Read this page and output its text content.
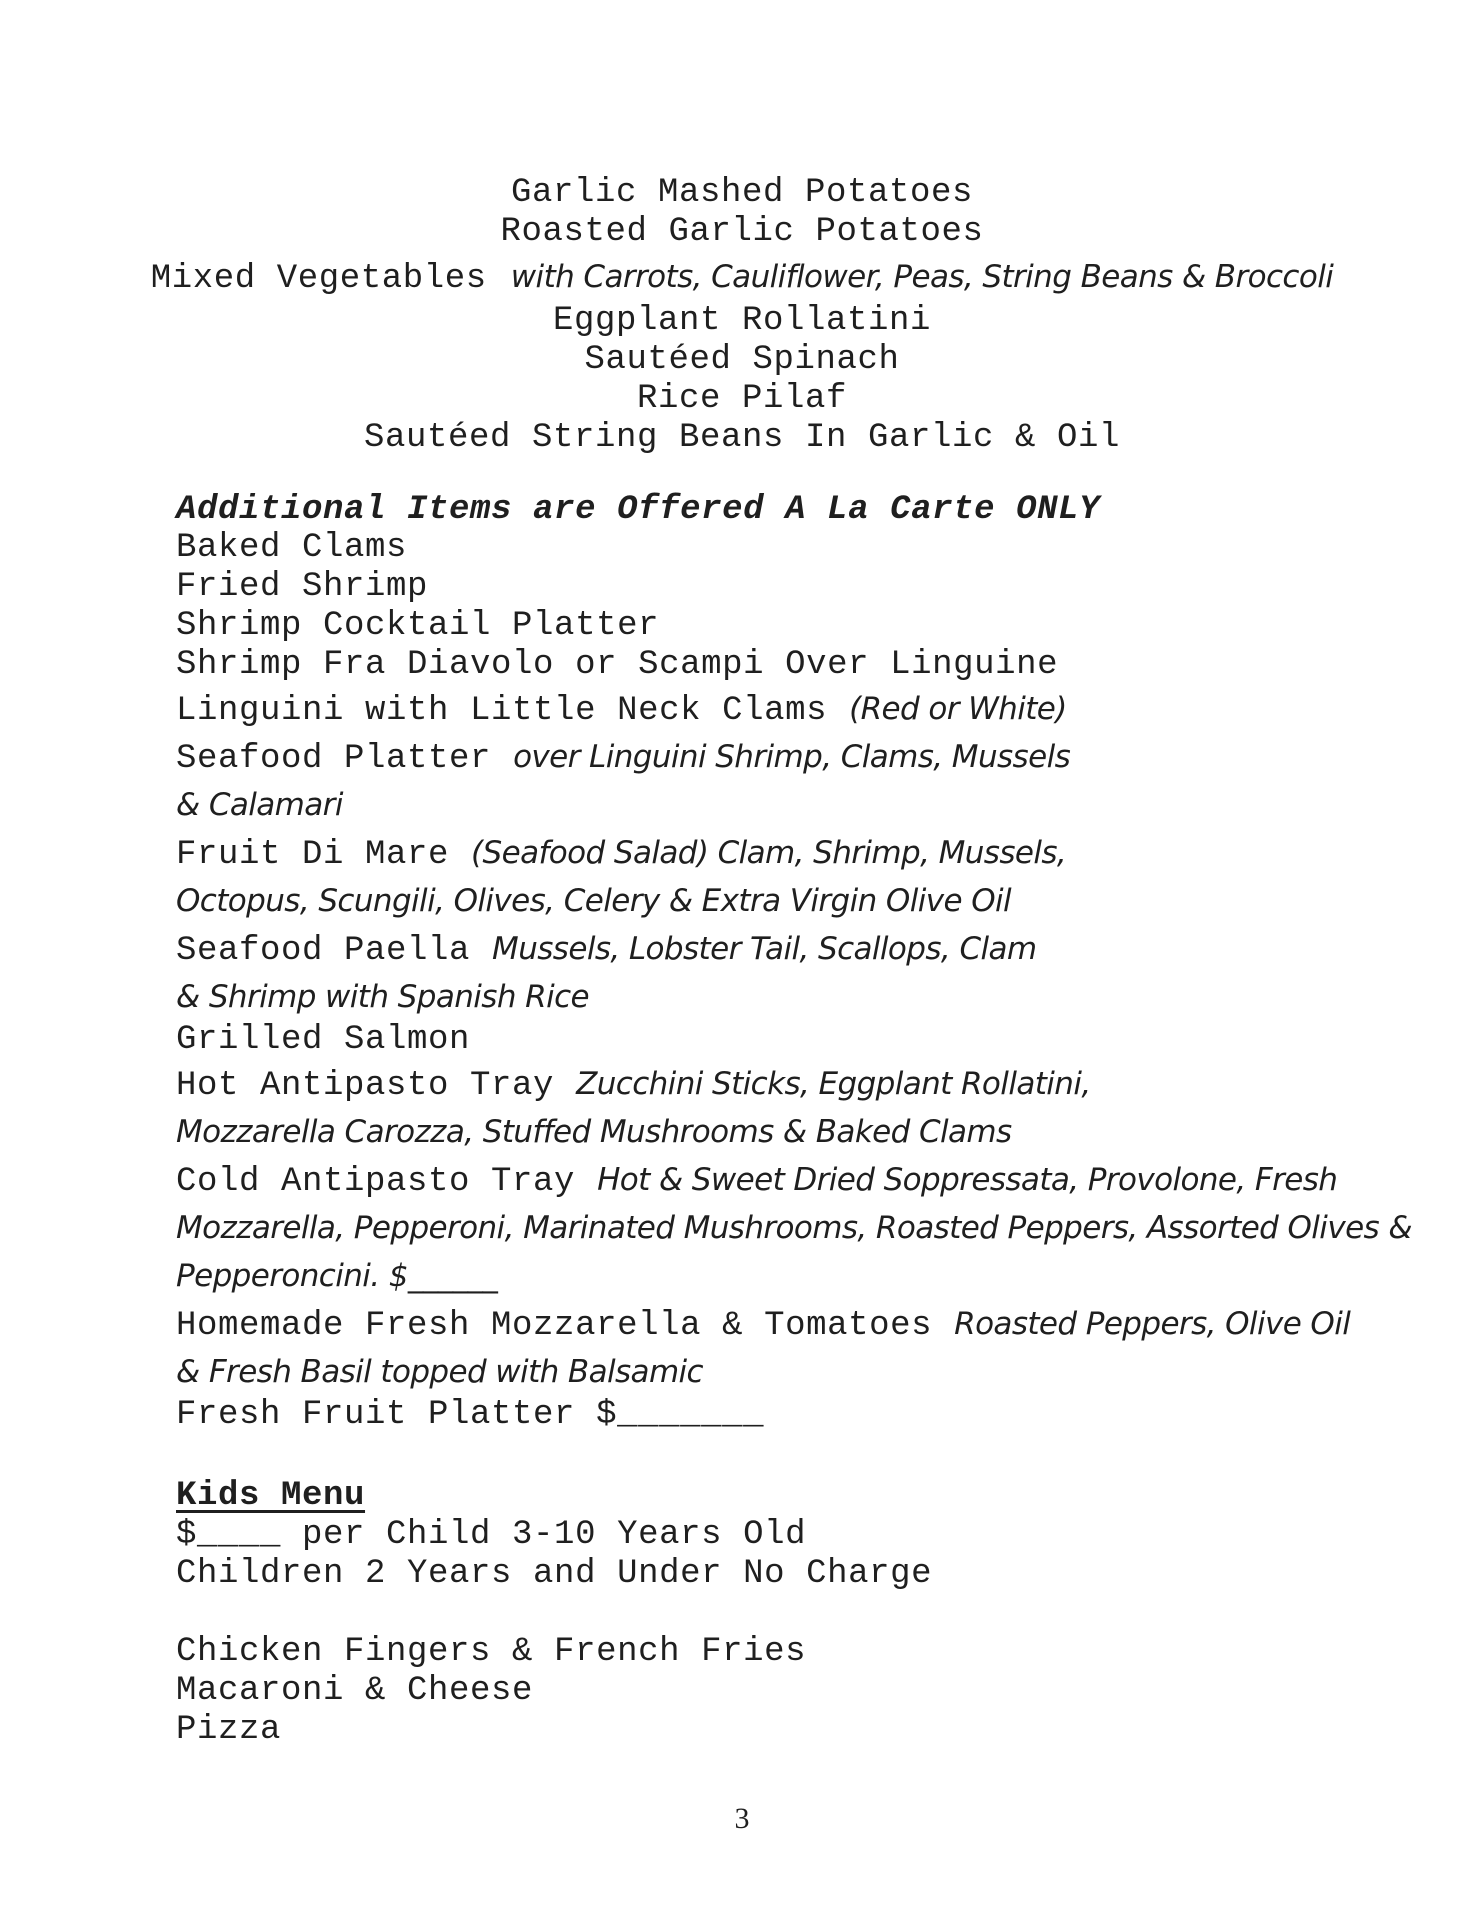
Garlic Mashed Potatoes
Roasted Garlic Potatoes
Mixed Vegetables with Carrots, Cauliflower, Peas, String Beans & Broccoli
Eggplant Rollatini
Sautéed Spinach
Rice Pilaf
Sautéed String Beans In Garlic & Oil
Additional Items are Offered A La Carte ONLY
Baked Clams
Fried Shrimp
Shrimp Cocktail Platter
Shrimp Fra Diavolo or Scampi Over Linguine
Linguini with Little Neck Clams (Red or White)
Seafood Platter over Linguini Shrimp, Clams, Mussels
& Calamari
Fruit Di Mare (Seafood Salad) Clam, Shrimp, Mussels,
Octopus, Scungili, Olives, Celery & Extra Virgin Olive Oil
Seafood Paella Mussels, Lobster Tail, Scallops, Clam
& Shrimp with Spanish Rice
Grilled Salmon
Hot Antipasto Tray Zucchini Sticks, Eggplant Rollatini,
Mozzarella Carozza, Stuffed Mushrooms & Baked Clams
Cold Antipasto Tray Hot & Sweet Dried Soppressata, Provolone, Fresh
Mozzarella, Pepperoni, Marinated Mushrooms, Roasted Peppers, Assorted Olives &
Pepperoncini. $______
Homemade Fresh Mozzarella & Tomatoes Roasted Peppers, Olive Oil
& Fresh Basil topped with Balsamic
Fresh Fruit Platter $_______
Kids Menu
$____ per Child 3-10 Years Old
Children 2 Years and Under No Charge
Chicken Fingers & French Fries
Macaroni & Cheese
Pizza
3
